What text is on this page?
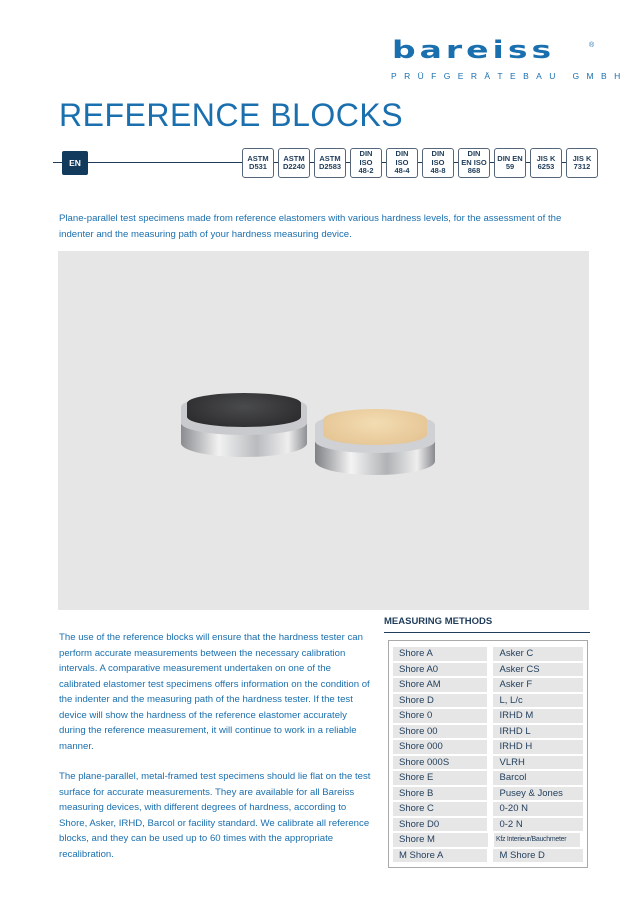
bareiss	®
PRÜFGERÄTEBAU GMBH
REFERENCE BLOCKS
EN	ASTM
D531
ASTM
D2240
ASTM
D2583
DIN
ISO
48-2
DIN
ISO
48-4
DIN
ISO
48-8
DIN
EN ISO
868
DIN EN
59
JIS K
6253
JIS K
7312
Plane-parallel test specimens made from reference elastomers with various hardness levels, for the assessment of the indenter and the measuring path of your hardness measuring device.

The use of the reference blocks will ensure that the hardness tester can perform accurate measurements between the necessary calibration intervals. A comparative measurement undertaken on one of the calibrated elastomer test specimens offers information on the condition of the indenter and the measuring path of the hardness tester. If the test device will show the hardness of the reference elastomer accurately during the reference measurement, it will continue to work in a reliable manner.

The plane-parallel, metal-framed test specimens should lie flat on the test surface for accurate measurements. They are available for all Bareiss measuring devices, with different degrees of hardness, according to Shore, Asker, IRHD, Barcol or facility standard. We calibrate all reference blocks, and they can be used up to 60 times with the appropriate recalibration.

MEASURING METHODS
Shore A	Asker C
Shore A0	Asker CS
Shore AM	Asker F
Shore D	L, L/c
Shore 0	IRHD M
Shore 00	IRHD L
Shore 000	IRHD H
Shore 000S	VLRH
Shore E	Barcol
Shore B	Pusey & Jones
Shore C	0-20 N
Shore D0	0-2 N
Shore M	Kfz Interieur/Bauchmeter
M Shore A	M Shore D
